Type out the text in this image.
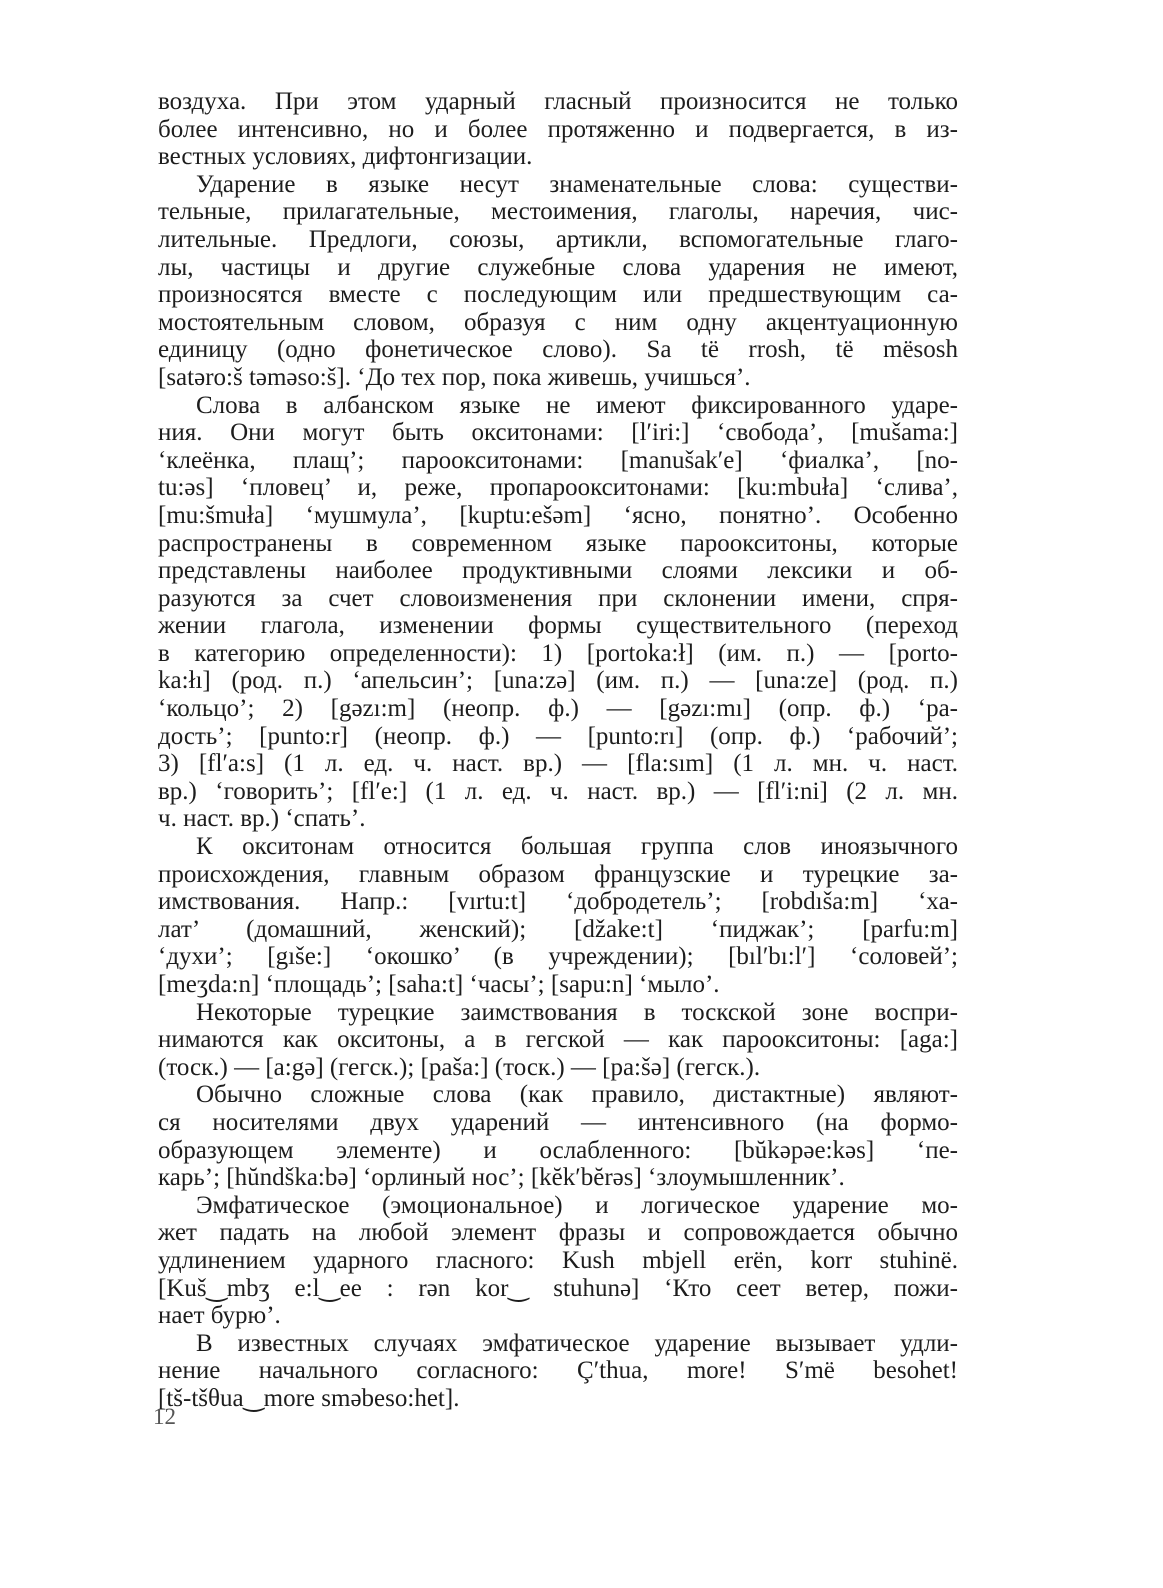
воздуха. При этом ударный гласный произносится не только
более интенсивно, но и более протяженно и подвергается, в из-
вестных условиях, дифтонгизации.
Ударение в языке несут знаменательные слова: существи-
тельные, прилагательные, местоимения, глаголы, наречия, чис-
лительные. Предлоги, союзы, артикли, вспомогательные глаго-
лы, частицы и другие служебные слова ударения не имеют,
произносятся вместе с последующим или предшествующим са-
мостоятельным словом, образуя с ним одну акцентуационную
единицу (одно фонетическое слово). Sa të rrosh, të mësosh
[satərо:š təməso:š]. ‘До тех пор, пока живешь, учишься’.
Слова в албанском языке не имеют фиксированного ударе-
ния. Они могут быть окситонами: [l′iri:] ‘свобода’, [mušama:]
‘клеёнка, плащ’; пароокситонами: [manušak′e] ‘фиалка’, [no-
tu:əs] ‘пловец’ и, реже, пропароокситонами: [ku:mbuła] ‘слива’,
[mu:šmuła] ‘мушмула’, [kuptu:ešəm] ‘ясно, понятно’. Особенно
распространены в современном языке пароокситоны, которые
представлены наиболее продуктивными слоями лексики и об-
разуются за счет словоизменения при склонении имени, спря-
жении глагола, изменении формы существительного (переход
в категорию определенности): 1) [portoka:ł] (им. п.) — [porto-
ka:łı] (род. п.) ‘апельсин’; [una:zə] (им. п.) — [una:ze] (род. п.)
‘кольцо’; 2) [gəzı:m] (неопр. ф.) — [gəzı:mı] (опр. ф.) ‘ра-
дость’; [punto:r] (неопр. ф.) — [punto:rı] (опр. ф.) ‘рабочий’;
3) [fl′a:s] (1 л. ед. ч. наст. вр.) — [fla:sım] (1 л. мн. ч. наст.
вр.) ‘говорить’; [fl′e:] (1 л. ед. ч. наст. вр.) — [fl′i:ni] (2 л. мн.
ч. наст. вр.) ‘спать’.
К окситонам относится большая группа слов иноязычного
происхождения, главным образом французские и турецкие за-
имствования. Напр.: [vırtu:t] ‘добродетель’; [robdıša:m] ‘ха-
лат’ (домашний, женский); [džake:t] ‘пиджак’; [parfu:m]
‘духи’; [gıše:] ‘окошко’ (в учреждении); [bıl′bı:l′] ‘соловей’;
[meʒda:n] ‘площадь’; [saha:t] ‘часы’; [sapu:n] ‘мыло’.
Некоторые турецкие заимствования в тоскской зоне воспри-
нимаются как окситоны, а в гегской — как пароокситоны: [aga:]
(тоск.) — [a:gə] (гегск.); [paša:] (тоск.) — [pa:šə] (гегск.).
Обычно сложные слова (как правило, дистактные) являют-
ся носителями двух ударений — интенсивного (на формо-
образующем элементе) и ослабленного: [bŭkəpəe:kəs] ‘пе-
карь’; [hŭndška:bə] ‘орлиный нос’; [kĕk′bĕrəs] ‘злоумышленник’.
Эмфатическое (эмоциональное) и логическое ударение мо-
жет падать на любой элемент фразы и сопровождается обычно
удлинением ударного гласного: Kush mbjell erën, korr stuhinë.
[Kuš‿mbʒ e:l‿ee : rən kor‿ stuhunə] ‘Кто сеет ветер, пожи-
нает бурю’.
В известных случаях эмфатическое ударение вызывает удли-
нение начального согласного: Ç′thua, more! S′më besohet!
[tš-tšθua‿more sməbeso:het].
12
